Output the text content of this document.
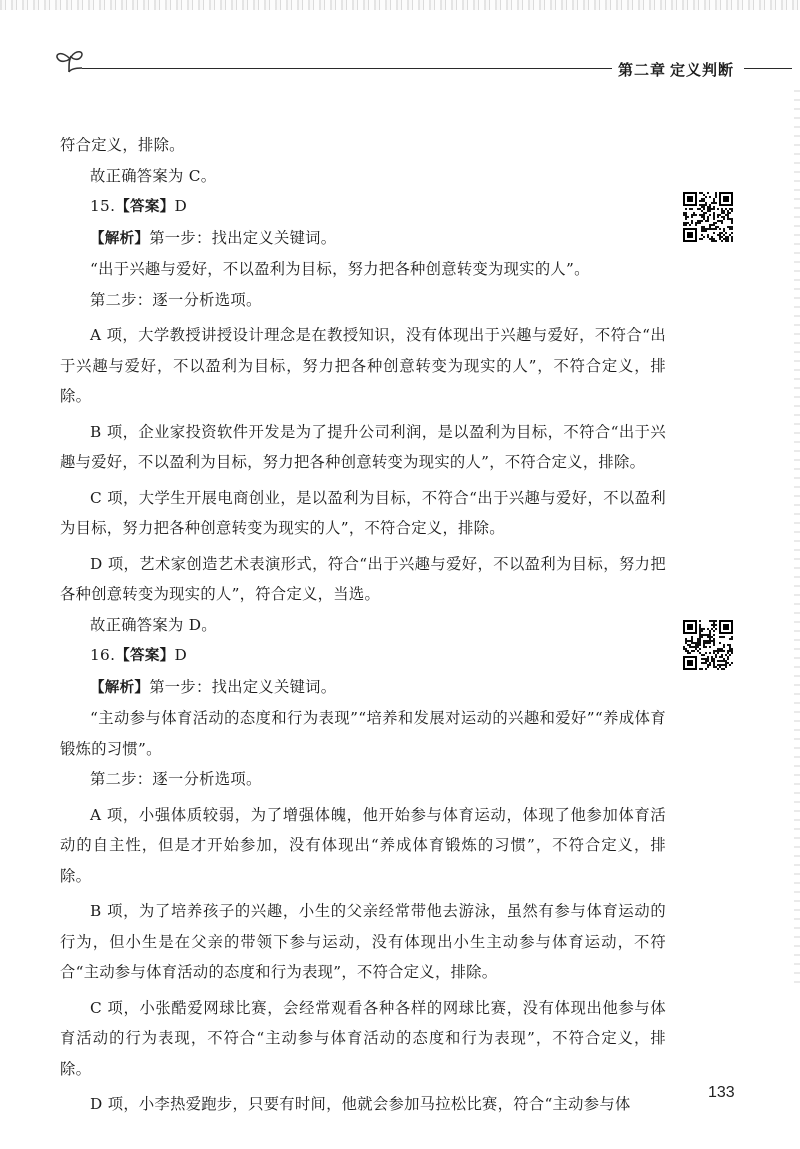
第二章 定义判断

符合定义，排除。

故正确答案为 C。

15.【答案】D

【解析】第一步：找出定义关键词。

“出于兴趣与爱好，不以盈利为目标，努力把各种创意转变为现实的人”。

第二步：逐一分析选项。

A 项，大学教授讲授设计理念是在教授知识，没有体现出于兴趣与爱好，不符合“出于兴趣与爱好，不以盈利为目标，努力把各种创意转变为现实的人”，不符合定义，排除。

B 项，企业家投资软件开发是为了提升公司利润，是以盈利为目标，不符合“出于兴趣与爱好，不以盈利为目标，努力把各种创意转变为现实的人”，不符合定义，排除。

C 项，大学生开展电商创业，是以盈利为目标，不符合“出于兴趣与爱好，不以盈利为目标，努力把各种创意转变为现实的人”，不符合定义，排除。

D 项，艺术家创造艺术表演形式，符合“出于兴趣与爱好，不以盈利为目标，努力把各种创意转变为现实的人”，符合定义，当选。

故正确答案为 D。

16.【答案】D

【解析】第一步：找出定义关键词。

“主动参与体育活动的态度和行为表现”“培养和发展对运动的兴趣和爱好”“养成体育锻炼的习惯”。

第二步：逐一分析选项。

A 项，小强体质较弱，为了增强体魄，他开始参与体育运动，体现了他参加体育活动的自主性，但是才开始参加，没有体现出“养成体育锻炼的习惯”，不符合定义，排除。

B 项，为了培养孩子的兴趣，小生的父亲经常带他去游泳，虽然有参与体育运动的行为，但小生是在父亲的带领下参与运动，没有体现出小生主动参与体育运动，不符合“主动参与体育活动的态度和行为表现”，不符合定义，排除。

C 项，小张酷爱网球比赛，会经常观看各种各样的网球比赛，没有体现出他参与体育活动的行为表现，不符合“主动参与体育活动的态度和行为表现”，不符合定义，排除。

D 项，小李热爱跑步，只要有时间，他就会参加马拉松比赛，符合“主动参与体

133
